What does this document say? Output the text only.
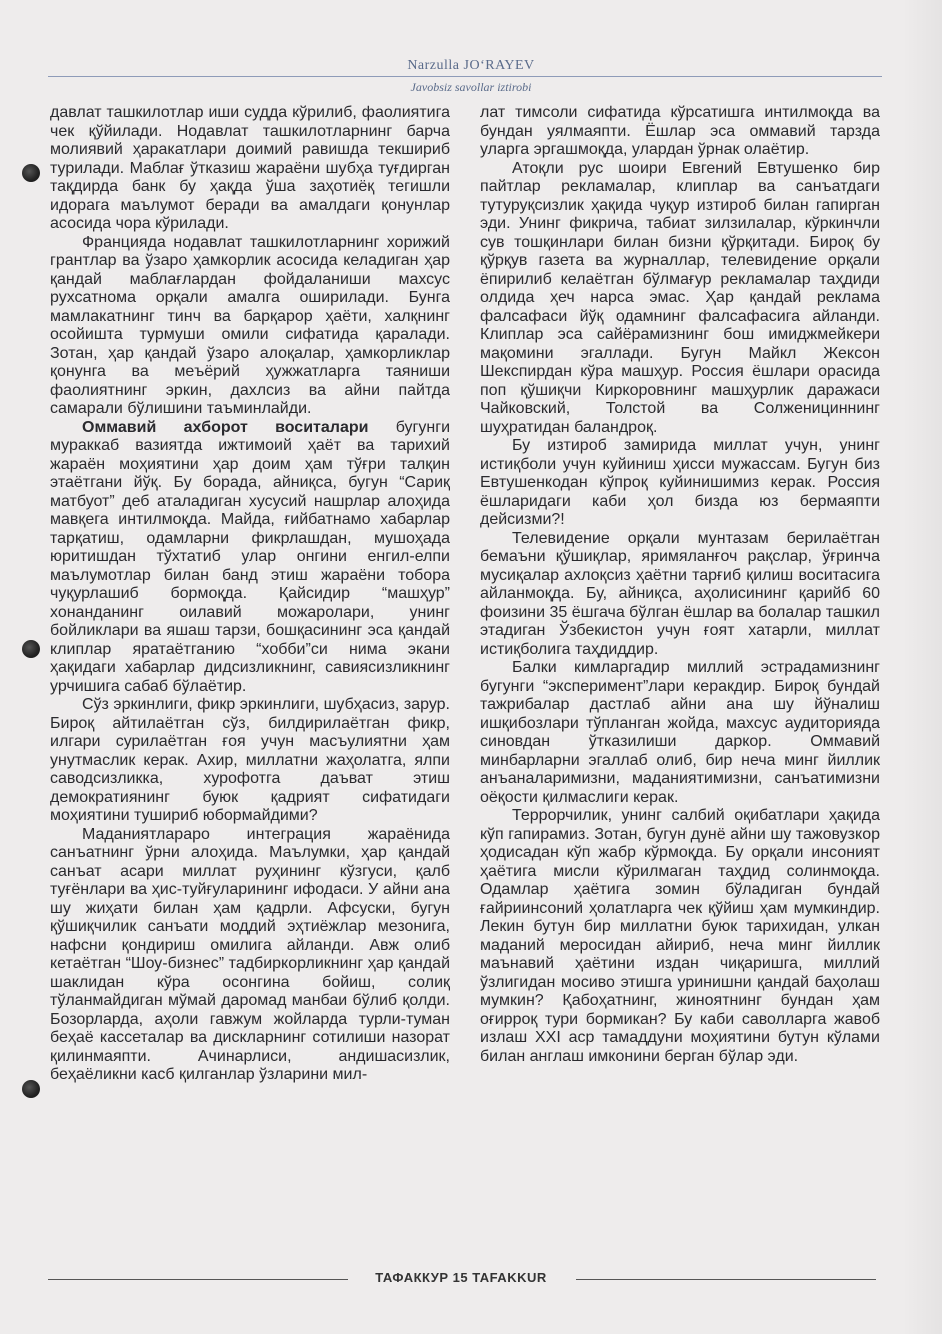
Narzulla JO‘RAYEV
Javobsiz savollar iztirobi

давлат ташкилотлар иши судда кўрилиб, фаолиятига чек қўйилади. Нодавлат ташкилотларнинг барча молиявий ҳаракатлари доимий равишда текшириб турилади. Маблағ ўтказиш жараёни шубҳа туғдирган тақдирда банк бу ҳақда ўша заҳотиёқ тегишли идорага маълумот беради ва амалдаги қонунлар асосида чора кўрилади.

Францияда нодавлат ташкилотларнинг хорижий грантлар ва ўзаро ҳамкорлик асосида келадиган ҳар қандай маблағлардан фойдаланиши махсус рухсатнома орқали амалга оширилади. Бунга мамлакатнинг тинч ва барқарор ҳаёти, халқнинг осойишта турмуши омили сифатида қаралади. Зотан, ҳар қандай ўзаро алоқалар, ҳамкорликлар қонунга ва меъёрий ҳужжатларга таяниши фаолиятнинг эркин, дахлсиз ва айни пайтда самарали бўлишини таъминлайди.

Оммавий ахборот воситалари бугунги мураккаб вазиятда ижтимоий ҳаёт ва тарихий жараён моҳиятини ҳар доим ҳам тўғри талқин этаётгани йўқ. Бу борада, айниқса, бугун “Сариқ матбуот” деб аталадиган хусусий нашрлар алоҳида мавқега интилмоқда. Майда, ғийбатнамо хабарлар тарқатиш, одамларни фикрлашдан, мушоҳада юритишдан тўхтатиб улар онгини енгил-елпи маълумотлар билан банд этиш жараёни тобора чуқурлашиб бормоқда. Қайсидир “машҳур” хонанданинг оилавий можаролари, унинг бойликлари ва яшаш тарзи, бошқасининг эса қандай клиплар яратаётганию “хобби”си нима экани ҳақидаги хабарлар дидсизликнинг, савиясизликнинг урчишига сабаб бўлаётир.

Сўз эркинлиги, фикр эркинлиги, шубҳасиз, зарур. Бироқ айтилаётган сўз, билдирилаётган фикр, илгари сурилаётган ғоя учун масъулиятни ҳам унутмаслик керак. Ахир, миллатни жаҳолатга, ялпи саводсизликка, хурофотга даъват этиш демократиянинг буюк қадрият сифатидаги моҳиятини тушириб юбормайдими?

Маданиятлараро интеграция жараёнида санъатнинг ўрни алоҳида. Маълумки, ҳар қандай санъат асари миллат руҳининг кўзгуси, қалб туғёнлари ва ҳис-туйғуларининг ифодаси. У айни ана шу жиҳати билан ҳам қадрли. Афсуски, бугун қўшиқчилик санъати моддий эҳтиёжлар мезонига, нафсни қондириш омилига айланди. Авж олиб кетаётган “Шоу-бизнес” тадбиркорликнинг ҳар қандай шаклидан кўра осонгина бойиш, солиқ тўланмайдиган мўмай даромад манбаи бўлиб қолди. Бозорларда, аҳоли гавжум жойларда турли-туман беҳаё кассеталар ва дискларнинг сотилиши назорат қилинмаяпти. Ачинарлиси, андишасизлик, беҳаёликни касб қилганлар ўзларини мил-

лат тимсоли сифатида кўрсатишга интилмоқда ва бундан уялмаяпти. Ёшлар эса оммавий тарзда уларга эргашмоқда, улардан ўрнак олаётир.

Атоқли рус шоири Евгений Евтушенко бир пайтлар рекламалар, клиплар ва санъатдаги тутуруқсизлик ҳақида чуқур изтироб билан гапирган эди. Унинг фикрича, табиат зилзилалар, кўркинчли сув тошқинлари билан бизни қўрқитади. Бироқ бу қўрқув газета ва журналлар, телевидение орқали ёпирилиб келаётган бўлмағур рекламалар таҳдиди олдида ҳеч нарса эмас. Ҳар қандай реклама фалсафаси йўқ одамнинг фалсафасига айланди. Клиплар эса сайёрамизнинг бош имиджмейкери мақомини эгаллади. Бугун Майкл Жексон Шекспирдан кўра машҳур. Россия ёшлари орасида поп қўшиқчи Киркоровнинг машҳурлик даражаси Чайковский, Толстой ва Солженициннинг шуҳратидан баландроқ.

Бу изтироб замирида миллат учун, унинг истиқболи учун куйиниш ҳисси мужассам. Бугун биз Евтушенкодан кўпроқ куйинишимиз керак. Россия ёшларидаги каби ҳол бизда юз бермаяпти дейсизми?!

Телевидение орқали мунтазам берилаётган бемаъни қўшиқлар, яримяланғоч рақслар, ўғринча мусиқалар ахлоқсиз ҳаётни тарғиб қилиш воситасига айланмоқда. Бу, айниқса, аҳолисининг қарийб 60 фоизини 35 ёшгача бўлган ёшлар ва болалар ташкил этадиган Ўзбекистон учун ғоят хатарли, миллат истиқболига таҳдиддир.

Балки кимларгадир миллий эстрадамизнинг бугунги “эксперимент”лари керакдир. Бироқ бундай тажрибалар дастлаб айни ана шу йўналиш ишқибозлари тўпланган жойда, махсус аудиторияда синовдан ўтказилиши даркор. Оммавий минбарларни эгаллаб олиб, бир неча минг йиллик анъаналаримизни, маданиятимизни, санъатимизни оёқости қилмаслиги керак.

Террорчилик, унинг салбий оқибатлари ҳақида кўп гапирамиз. Зотан, бугун дунё айни шу тажовузкор ҳодисадан кўп жабр кўрмоқда. Бу орқали инсоният ҳаётига мисли кўрилмаган таҳдид солинмоқда. Одамлар ҳаётига зомин бўладиган бундай ғайриинсоний ҳолатларга чек қўйиш ҳам мумкиндир. Лекин бутун бир миллатни буюк тарихидан, улкан маданий меросидан айириб, неча минг йиллик маънавий ҳаётини издан чиқаришга, миллий ўзлигидан мосиво этишга уринишни қандай баҳолаш мумкин? Қабоҳатнинг, жиноятнинг бундан ҳам оғирроқ тури бормикан? Бу каби саволларга жавоб излаш XXI аср тамаддуни моҳиятини бутун кўлами билан англаш имконини берган бўлар эди.

ТАФАККУР 15 TAFAKKUR
